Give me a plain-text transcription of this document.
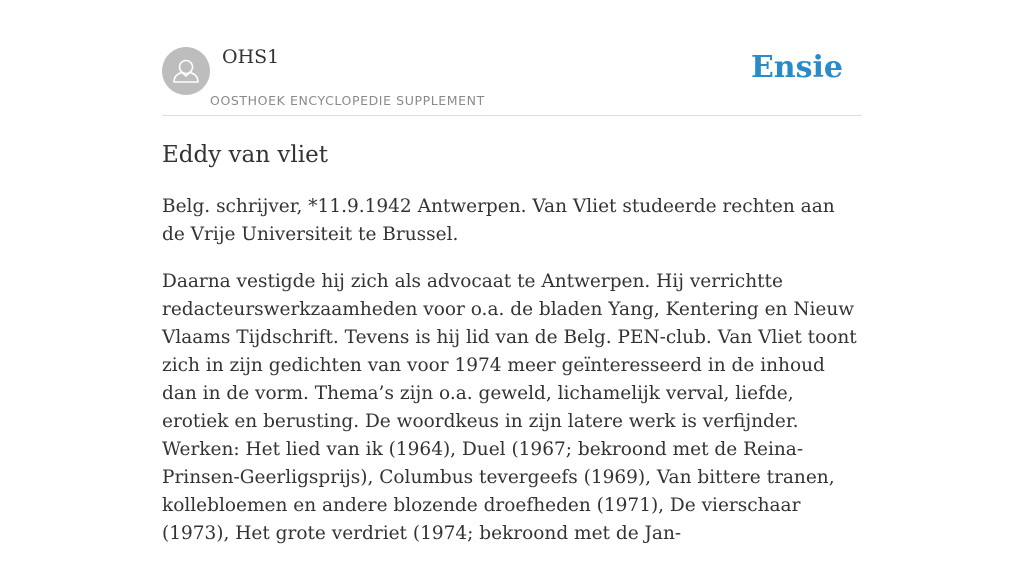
OHS1
OOSTHOEK ENCYCLOPEDIE SUPPLEMENT
Ensie
Eddy van vliet

Belg. schrijver, *11.9.1942 Antwerpen. Van Vliet studeerde rechten aan de Vrije Universiteit te Brussel.

Daarna vestigde hij zich als advocaat te Antwerpen. Hij verrichtte redacteurswerkzaamheden voor o.a. de bladen Yang, Kentering en Nieuw Vlaams Tijdschrift. Tevens is hij lid van de Belg. PEN-club. Van Vliet toont zich in zijn gedichten van voor 1974 meer geïnteresseerd in de inhoud dan in de vorm. Thema’s zijn o.a. geweld, lichamelijk verval, liefde, erotiek en berusting. De woordkeus in zijn latere werk is verfijnder. Werken: Het lied van ik (1964), Duel (1967; bekroond met de Reina-Prinsen-Geerligsprijs), Columbus tevergeefs (1969), Van bittere tranen, kollebloemen en andere blozende droefheden (1971), De vierschaar (1973), Het grote verdriet (1974; bekroond met de Jan-
